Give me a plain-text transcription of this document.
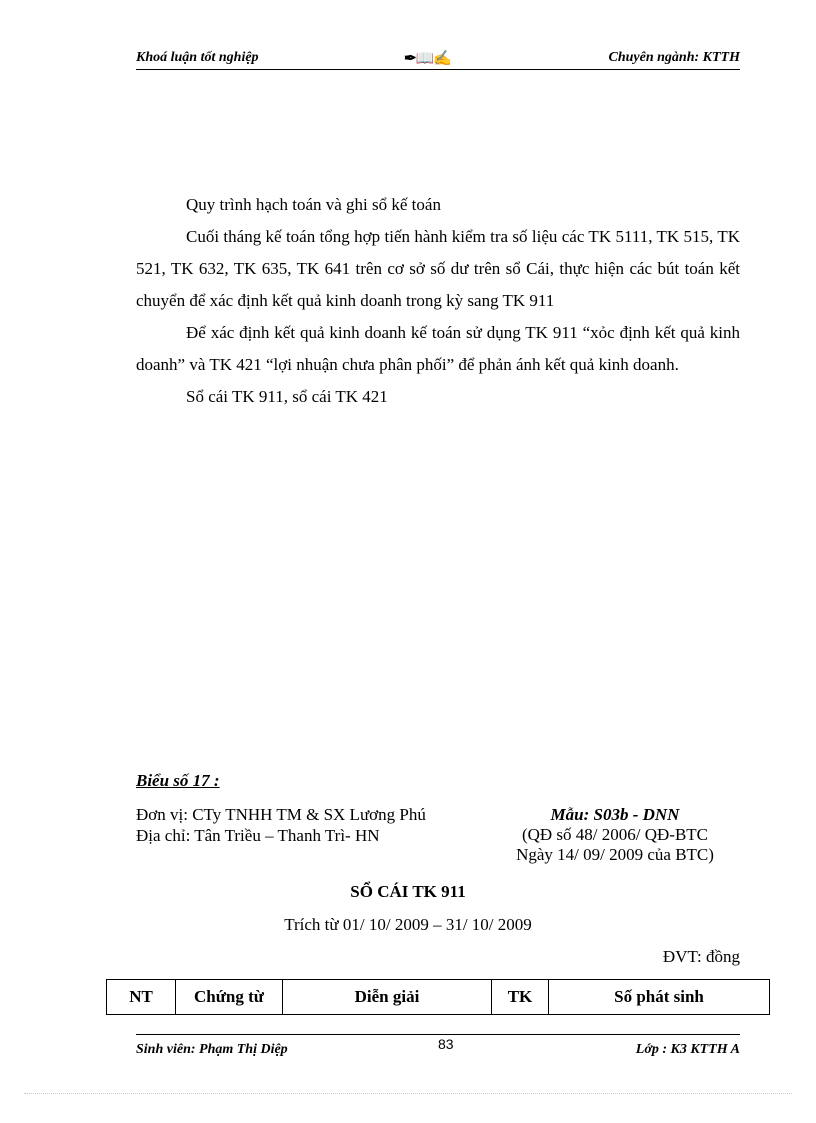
Khoá luận tốt nghiệp	✒📖✍	Chuyên ngành: KTTH

Quy trình hạch toán và ghi sổ kế toán

Cuối tháng kế toán tổng hợp tiến hành kiểm tra số liệu các TK 5111, TK 515, TK 521, TK 632, TK 635, TK 641 trên cơ sở số dư trên sổ Cái, thực hiện các bút toán kết chuyển để xác định kết quả kinh doanh trong kỳ sang TK 911

Để xác định kết quả kinh doanh kế toán sử dụng TK 911 “xỏc định kết quả kinh doanh” và TK 421 “lợi nhuận chưa phân phối” để phản ánh kết quả kinh doanh.

Sổ cái TK 911, sổ cái TK 421

Biểu số 17 :
Đơn vị: CTy TNHH TM & SX Lương Phú
Địa chỉ: Tân Triều – Thanh Trì- HN
Mẫu: S03b - DNN
(QĐ số 48/ 2006/ QĐ-BTC
Ngày 14/ 09/ 2009 của BTC)
SỔ CÁI TK 911
Trích từ 01/ 10/ 2009 – 31/ 10/ 2009
ĐVT: đồng
NT	Chứng từ	Diễn giải	TK	Số phát sinh
Sinh viên: Phạm Thị Diệp	83	Lớp : K3 KTTH A
